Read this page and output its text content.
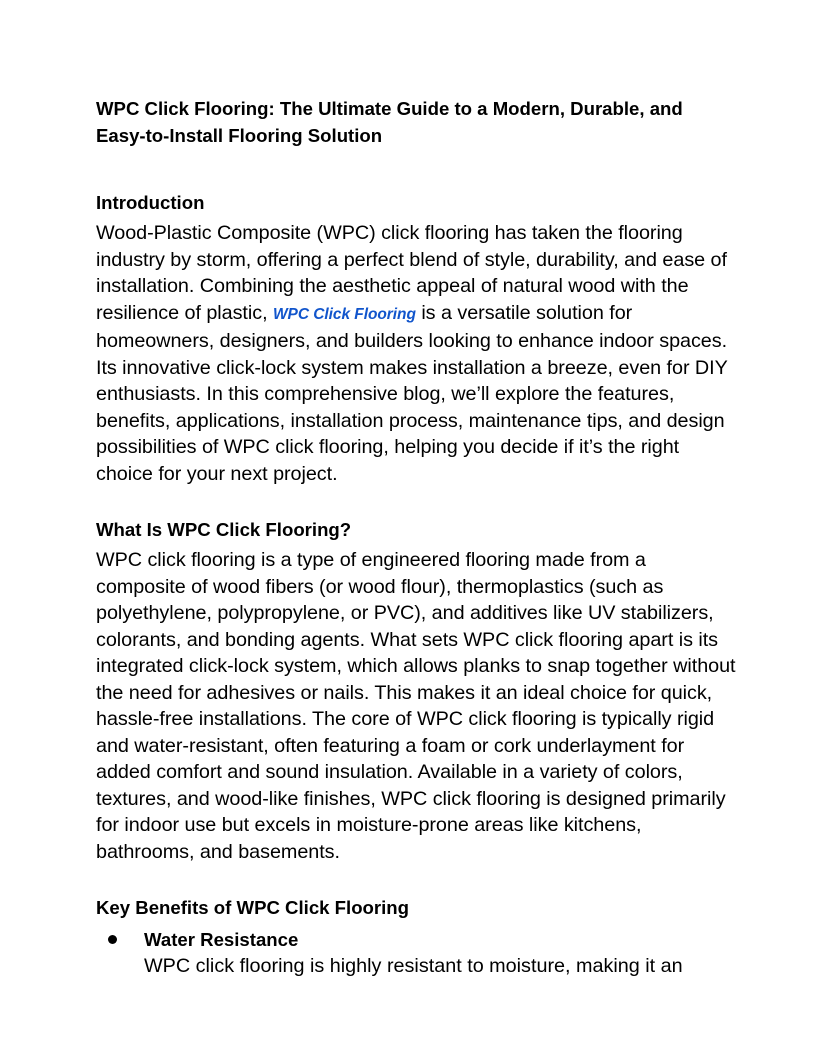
WPC Click Flooring: The Ultimate Guide to a Modern, Durable, and Easy-to-Install Flooring Solution

Introduction

Wood-Plastic Composite (WPC) click flooring has taken the flooring industry by storm, offering a perfect blend of style, durability, and ease of installation. Combining the aesthetic appeal of natural wood with the resilience of plastic, WPC Click Flooring is a versatile solution for homeowners, designers, and builders looking to enhance indoor spaces. Its innovative click-lock system makes installation a breeze, even for DIY enthusiasts. In this comprehensive blog, we’ll explore the features, benefits, applications, installation process, maintenance tips, and design possibilities of WPC click flooring, helping you decide if it’s the right choice for your next project.

What Is WPC Click Flooring?

WPC click flooring is a type of engineered flooring made from a composite of wood fibers (or wood flour), thermoplastics (such as polyethylene, polypropylene, or PVC), and additives like UV stabilizers, colorants, and bonding agents. What sets WPC click flooring apart is its integrated click-lock system, which allows planks to snap together without the need for adhesives or nails. This makes it an ideal choice for quick, hassle-free installations. The core of WPC click flooring is typically rigid and water-resistant, often featuring a foam or cork underlayment for added comfort and sound insulation. Available in a variety of colors, textures, and wood-like finishes, WPC click flooring is designed primarily for indoor use but excels in moisture-prone areas like kitchens, bathrooms, and basements.

Key Benefits of WPC Click Flooring

Water Resistance
WPC click flooring is highly resistant to moisture, making it an
